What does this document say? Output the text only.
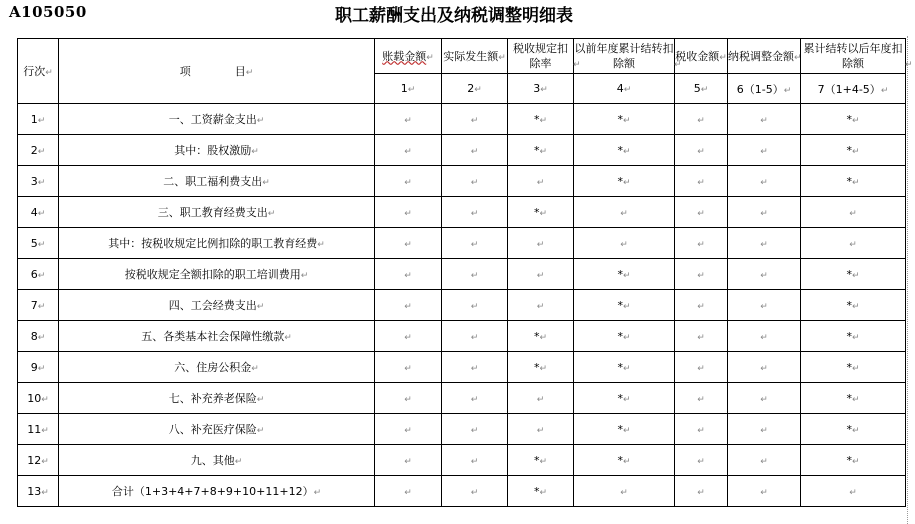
A105050	职工薪酬支出及纳税调整明细表
行次↵	项　　　　目↵	账载金额↵	实际发生额↵	税收规定扣除率 ↵	以前年度累计结转扣除额 ↵	税收金额↵	纳税调整金额↵	累计结转以后年度扣除额 ↵
		1↵	2↵	3↵	4↵	5↵	6（1-5）↵	7（1+4-5）↵
1↵	一、工资薪金支出↵	↵	↵	*↵	*↵	↵	↵	*↵
2↵	其中：股权激励↵	↵	↵	*↵	*↵	↵	↵	*↵
3↵	二、职工福利费支出↵	↵	↵	↵	*↵	↵	↵	*↵
4↵	三、职工教育经费支出↵	↵	↵	*↵	↵	↵	↵	↵
5↵	其中：按税收规定比例扣除的职工教育经费↵	↵	↵	↵	↵	↵	↵	↵
6↵	按税收规定全额扣除的职工培训费用↵	↵	↵	↵	*↵	↵	↵	*↵
7↵	四、工会经费支出↵	↵	↵	↵	*↵	↵	↵	*↵
8↵	五、各类基本社会保障性缴款↵	↵	↵	*↵	*↵	↵	↵	*↵
9↵	六、住房公积金↵	↵	↵	*↵	*↵	↵	↵	*↵
10↵	七、补充养老保险↵	↵	↵	↵	*↵	↵	↵	*↵
11↵	八、补充医疗保险↵	↵	↵	↵	*↵	↵	↵	*↵
12↵	九、其他↵	↵	↵	*↵	*↵	↵	↵	*↵
13↵	合计（1+3+4+7+8+9+10+11+12）↵	↵	↵	*↵	↵	↵	↵	↵
